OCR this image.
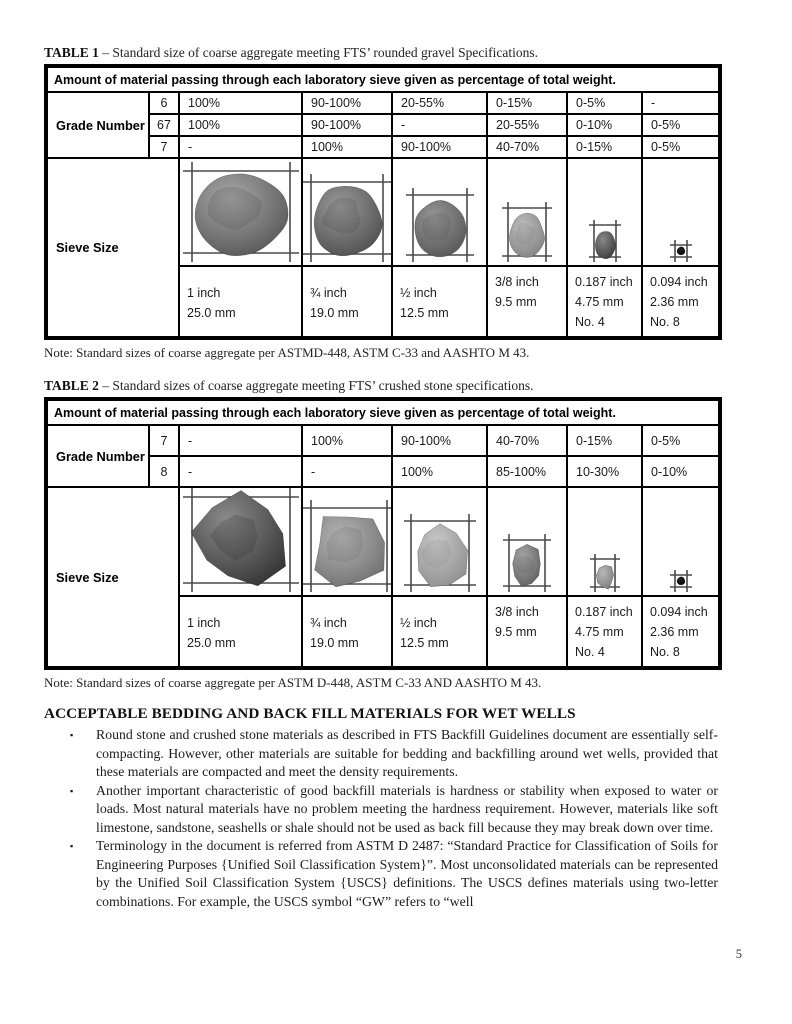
TABLE 1 – Standard size of coarse aggregate meeting FTS’ rounded gravel Specifications.

Amount of material passing through each laboratory sieve given as percentage of total weight.							
Grade Number	6	100%	90-100%	20-55%	0-15%	0-5%	-
	67	100%	90-100%	-	20-55%	0-10%	0-5%
	7	-	100%	90-100%	40-70%	0-15%	0-5%
Sieve Size	

1 inch
25.0 mm

¾ inch
19.0 mm

½ inch
12.5 mm

3/8 inch
9.5 mm

0.187 inch
4.75 mm
No. 4

0.094 inch
2.36 mm
No. 8

Note: Standard sizes of coarse aggregate per ASTMD-448, ASTM C-33 and AASHTO M 43.

TABLE 2 – Standard sizes of coarse aggregate meeting FTS’ crushed stone specifications.

Amount of material passing through each laboratory sieve given as percentage of total weight.							
Grade Number	7	-	100%	90-100%	40-70%	0-15%	0-5%
	8	-	-	100%	85-100%	10-30%	0-10%
Sieve Size	

1 inch
25.0 mm

¾ inch
19.0 mm

½ inch
12.5 mm

3/8 inch
9.5 mm

0.187 inch
4.75 mm
No. 4

0.094 inch
2.36 mm
No. 8

Note: Standard sizes of coarse aggregate per ASTM D-448, ASTM C-33 AND AASHTO M 43.

ACCEPTABLE BEDDING AND BACK FILL MATERIALS FOR WET WELLS
▪	Round stone and crushed stone materials as described in FTS Backfill Guidelines document are essentially self-compacting. However, other materials are suitable for bedding and backfilling around wet wells, provided that these materials are compacted and meet the density requirements.
▪	Another important characteristic of good backfill materials is hardness or stability when exposed to water or loads. Most natural materials have no problem meeting the hardness requirement. However, materials like soft limestone, sandstone, seashells or shale should not be used as back fill because they may break down over time.
▪	Terminology in the document is referred from ASTM D 2487: “Standard Practice for Classification of Soils for Engineering Purposes {Unified Soil Classification System}”. Most unconsolidated materials can be represented by the Unified Soil Classification System {USCS} definitions. The USCS defines materials using two-letter combinations. For example, the USCS symbol “GW” refers to “well
5
